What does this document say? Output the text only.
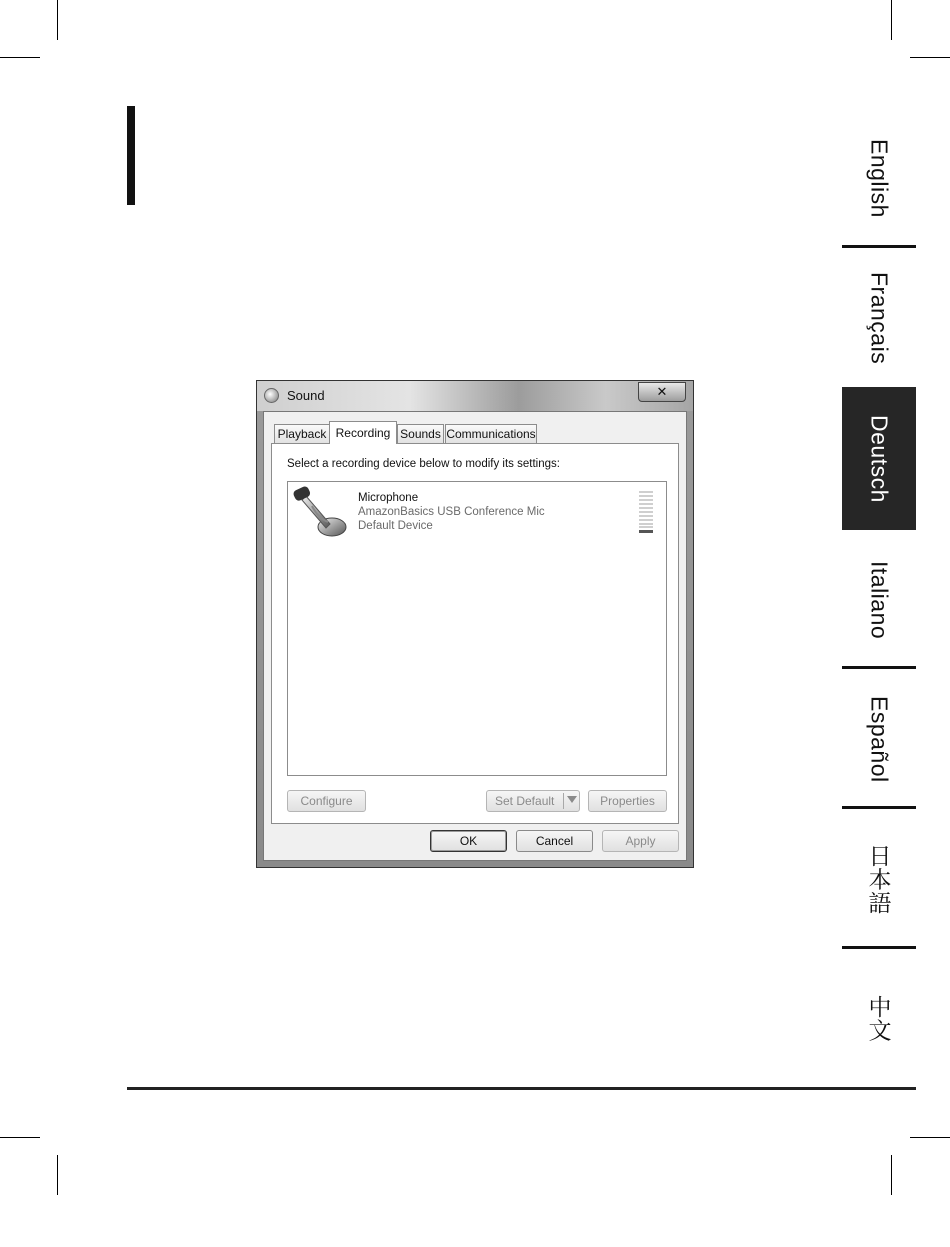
English
Français
Deutsch
Italiano
Español
日本語
中文
Sound	✕
Playback Recording Sounds Communications
Select a recording device below to modify its settings:
Microphone
AmazonBasics USB Conference Mic
Default Device
Configure	Set Default	Properties
OK	Cancel	Apply
